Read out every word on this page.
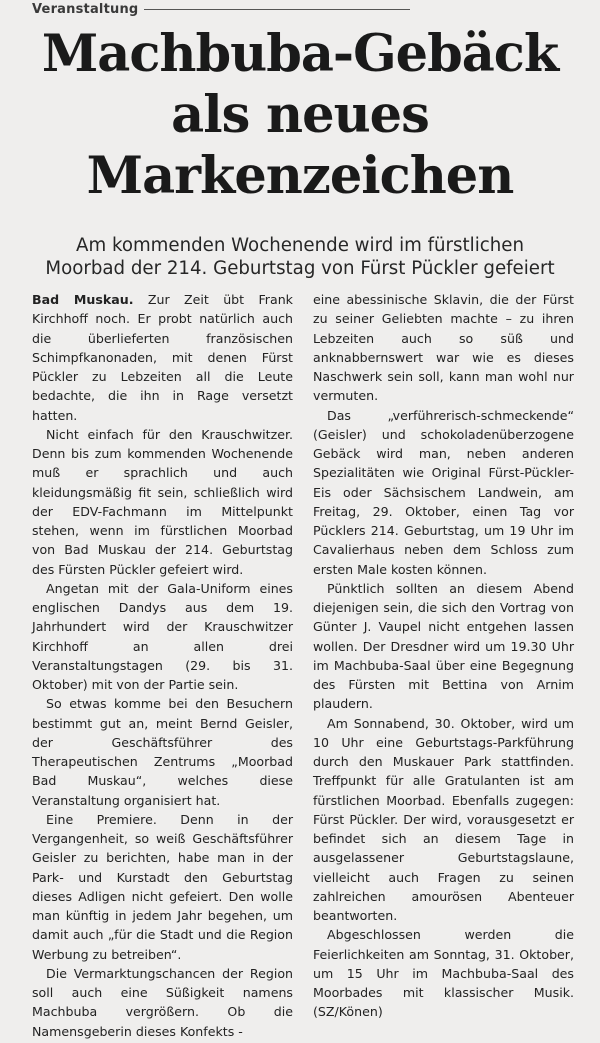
Veranstaltung
Machbuba-Gebäck
als neues
Markenzeichen
Am kommenden Wochenende wird im fürstlichen
Moorbad der 214. Geburtstag von Fürst Pückler gefeiert

Bad Muskau. Zur Zeit übt Frank Kirchhoff noch. Er probt natürlich auch die überlieferten französischen Schimpfkanonaden, mit denen Fürst Pückler zu Lebzeiten all die Leute bedachte, die ihn in Rage versetzt hatten.

Nicht einfach für den Krauschwitzer. Denn bis zum kommenden Wochenende muß er sprachlich und auch kleidungsmäßig fit sein, schließlich wird der EDV-Fachmann im Mittelpunkt stehen, wenn im fürstlichen Moorbad von Bad Muskau der 214. Geburtstag des Fürsten Pückler gefeiert wird.

Angetan mit der Gala-Uniform eines englischen Dandys aus dem 19. Jahrhundert wird der Krauschwitzer Kirchhoff an allen drei Veranstaltungstagen (29. bis 31. Oktober) mit von der Partie sein.

So etwas komme bei den Besuchern bestimmt gut an, meint Bernd Geisler, der Geschäftsführer des Therapeutischen Zentrums „Moorbad Bad Muskau“, welches diese Veranstaltung organisiert hat.

Eine Premiere. Denn in der Vergangenheit, so weiß Geschäftsführer Geisler zu berichten, habe man in der Park- und Kurstadt den Geburtstag dieses Adligen nicht gefeiert. Den wolle man künftig in jedem Jahr begehen, um damit auch „für die Stadt und die Region Werbung zu betreiben“.

Die Vermarktungschancen der Region soll auch eine Süßigkeit namens Machbuba vergrößern. Ob die Namensgeberin dieses Konfekts -

eine abessinische Sklavin, die der Fürst zu seiner Geliebten machte – zu ihren Lebzeiten auch so süß und anknabbernswert war wie es dieses Naschwerk sein soll, kann man wohl nur vermuten.

Das „verführerisch-schmeckende“ (Geisler) und schokoladenüberzogene Gebäck wird man, neben anderen Spezialitäten wie Original Fürst-Pückler-Eis oder Sächsischem Landwein, am Freitag, 29. Oktober, einen Tag vor Pücklers 214. Geburtstag, um 19 Uhr im Cavalierhaus neben dem Schloss zum ersten Male kosten können.

Pünktlich sollten an diesem Abend diejenigen sein, die sich den Vortrag von Günter J. Vaupel nicht entgehen lassen wollen. Der Dresdner wird um 19.30 Uhr im Machbuba-Saal über eine Begegnung des Fürsten mit Bettina von Arnim plaudern.

Am Sonnabend, 30. Oktober, wird um 10 Uhr eine Geburtstags-Parkführung durch den Muskauer Park stattfinden. Treffpunkt für alle Gratulanten ist am fürstlichen Moorbad. Ebenfalls zugegen: Fürst Pückler. Der wird, vorausgesetzt er befindet sich an diesem Tage in ausgelassener Geburtstagslaune, vielleicht auch Fragen zu seinen zahlreichen amourösen Abenteuer beantworten.

Abgeschlossen werden die Feierlichkeiten am Sonntag, 31. Oktober, um 15 Uhr im Machbuba-Saal des Moorbades mit klassischer Musik. (SZ/Könen)
